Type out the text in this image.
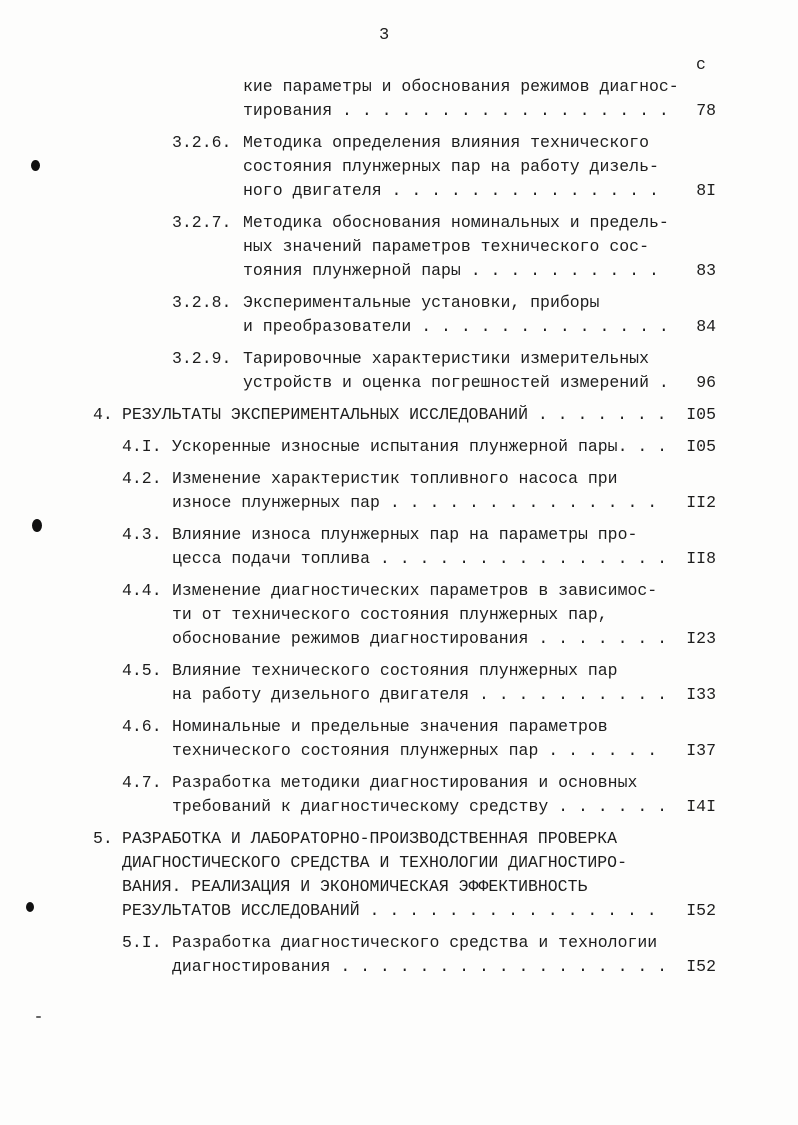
3
с
кие параметры и обоснования режимов диагнос-
тирования . . . . . . . . . . . . . . . . .	78
3.2.6. Методика определения влияния технического
состояния плунжерных пар на работу дизель-
ного двигателя . . . . . . . . . . . . . .	8I
3.2.7. Методика обоснования номинальных и предель-
ных значений параметров технического сос-
тояния плунжерной пары . . . . . . . . . .	83
3.2.8. Экспериментальные установки, приборы
и преобразователи . . . . . . . . . . . . .	84
3.2.9. Тарировочные характеристики измерительных
устройств и оценка погрешностей измерений .	96
4. РЕЗУЛЬТАТЫ ЭКСПЕРИМЕНТАЛЬНЫХ ИССЛЕДОВАНИЙ . . . . . . .	I05
4.I. Ускоренные износные испытания плунжерной пары. . .	I05
4.2. Изменение характеристик топливного насоса при
износе плунжерных пар . . . . . . . . . . . . . .	II2
4.3. Влияние износа плунжерных пар на параметры про-
цесса подачи топлива . . . . . . . . . . . . . . .	II8
4.4. Изменение диагностических параметров в зависимос-
ти от технического состояния плунжерных пар,
обоснование режимов диагностирования . . . . . . .	I23
4.5. Влияние технического состояния плунжерных пар
на работу дизельного двигателя . . . . . . . . . .	I33
4.6. Номинальные и предельные значения параметров
технического состояния плунжерных пар . . . . . .	I37
4.7. Разработка методики диагностирования и основных
требований к диагностическому средству . . . . . .	I4I
5. РАЗРАБОТКА И ЛАБОРАТОРНО-ПРОИЗВОДСТВЕННАЯ ПРОВЕРКА
ДИАГНОСТИЧЕСКОГО СРЕДСТВА И ТЕХНОЛОГИИ ДИАГНОСТИРО-
ВАНИЯ. РЕАЛИЗАЦИЯ И ЭКОНОМИЧЕСКАЯ ЭФФЕКТИВНОСТЬ
РЕЗУЛЬТАТОВ ИССЛЕДОВАНИЙ . . . . . . . . . . . . . . .	I52
5.I. Разработка диагностического средства и технологии
диагностирования . . . . . . . . . . . . . . . . .	I52
